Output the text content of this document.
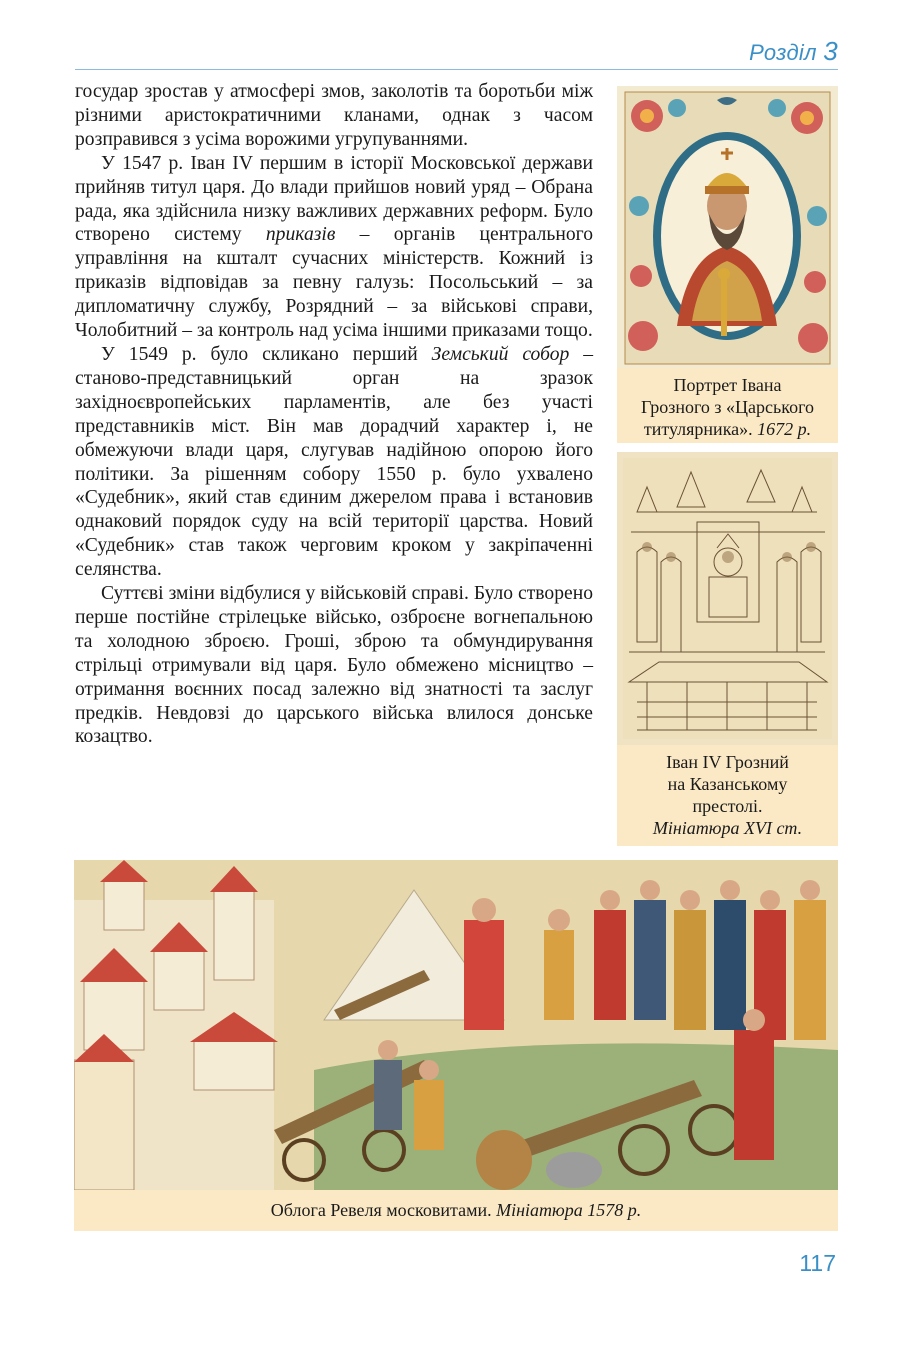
Розділ 3

государ зростав у атмосфері змов, заколотів та боротьби між різними аристократичними кланами, однак з часом розправився з усіма ворожими угрупуваннями.

У 1547 р. Іван IV першим в історії Московської держави прийняв титул царя. До влади прийшов новий уряд – Обрана рада, яка здійснила низку важливих державних реформ. Було створено систему приказів – органів центрального управління на кшталт сучасних міністерств. Кожний із приказів відповідав за певну галузь: Посольський – за дипломатичну службу, Розрядний – за військові справи, Чолобитний – за контроль над усіма іншими приказами тощо.

У 1549 р. було скликано перший Земський собор – станово-представницький орган на зразок західноєвропейських парламентів, але без участі представників міст. Він мав дорадчий характер і, не обмежуючи влади царя, слугував надійною опорою його політики. За рішенням собору 1550 р. було ухвалено «Судебник», який став єдиним джерелом права і встановив однаковий порядок суду на всій території царства. Новий «Судебник» став також черговим кроком у закріпаченні селянства.

Суттєві зміни відбулися у військовій справі. Було створено перше постійне стрілецьке військо, озброєне вогнепальною та холодною зброєю. Гроші, зброю та обмундирування стрільці отримували від царя. Було обмежено місництво – отримання воєнних посад залежно від знатності та заслуг предків. Невдовзі до царського війська влилося донське козацтво.

Портрет Івана
Грозного з «Царського
титулярника». 1672 р.
Іван IV Грозний
на Казанському
престолі.
Мініатюра XVI ст.
Облога Ревеля московитами. Мініатюра 1578 р.
117
